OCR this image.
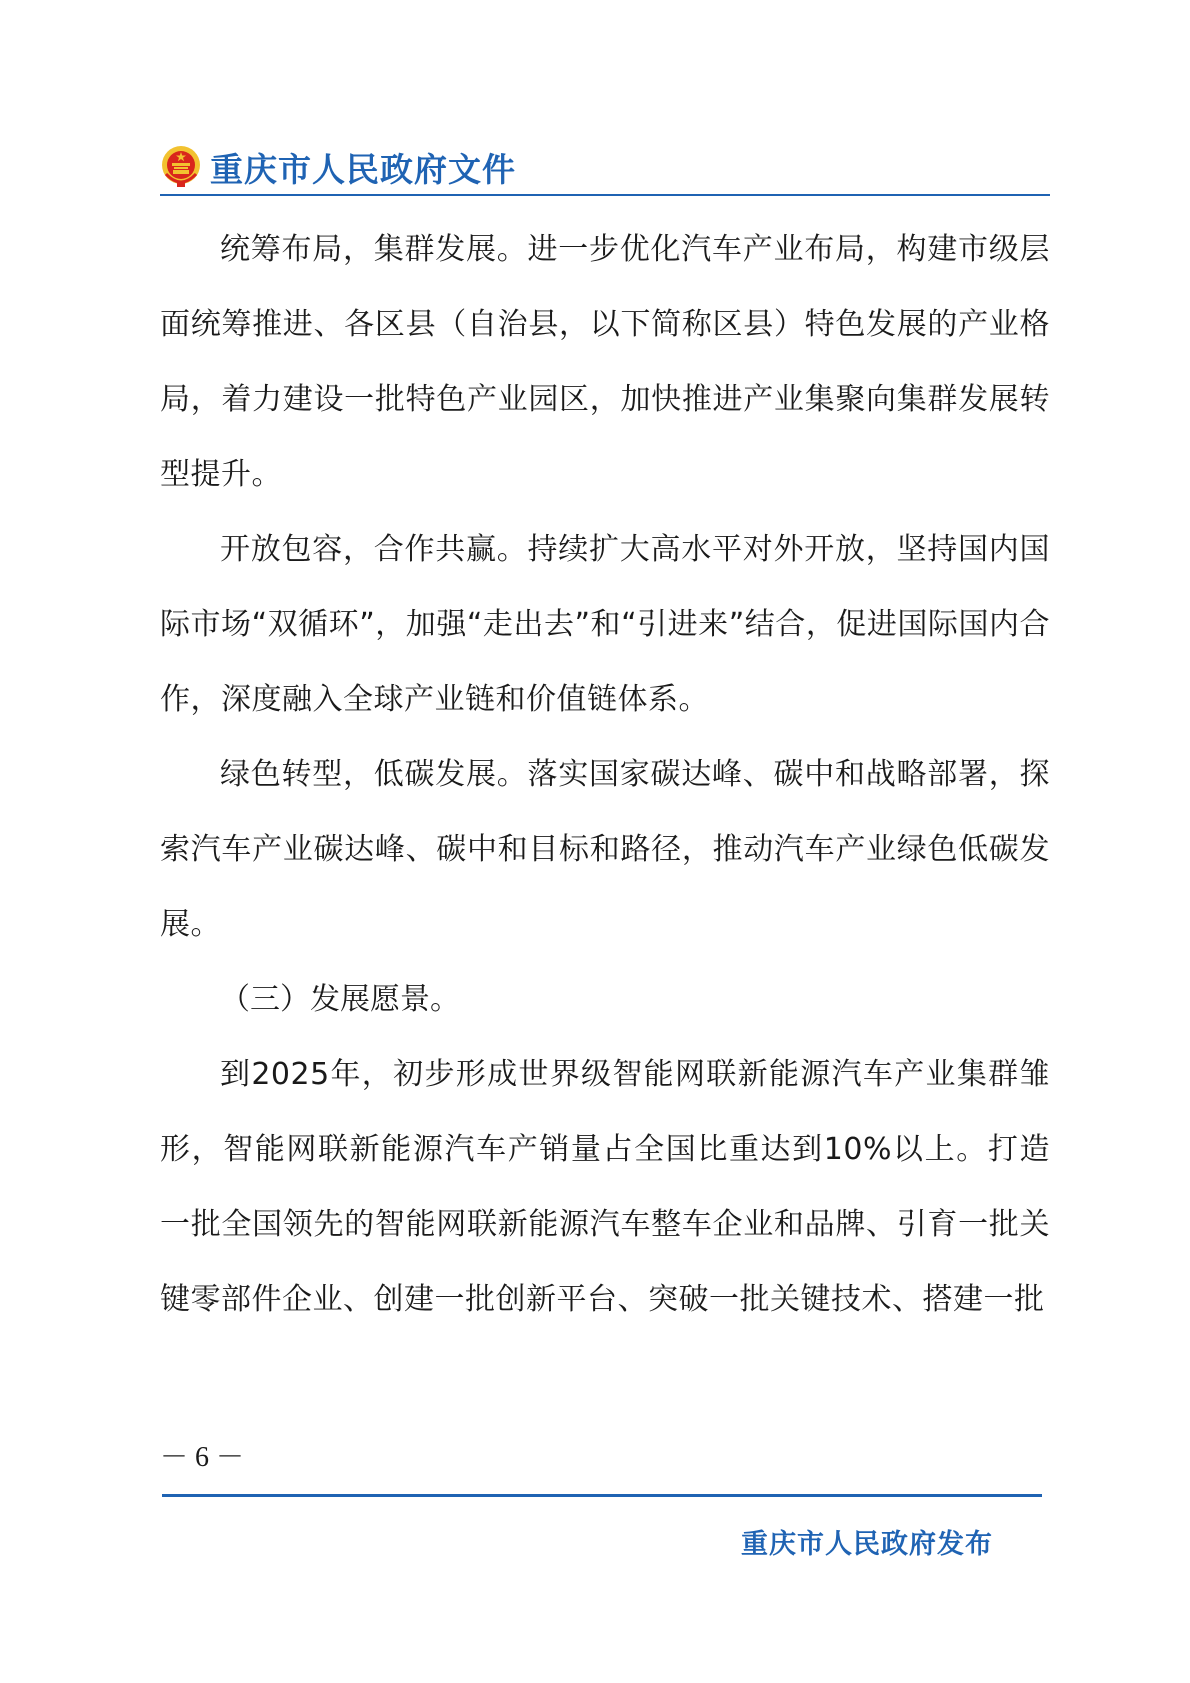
重庆市人民政府文件

统筹布局，集群发展。进一步优化汽车产业布局，构建市级层面统筹推进、各区县（自治县，以下简称区县）特色发展的产业格局，着力建设一批特色产业园区，加快推进产业集聚向集群发展转型提升。

开放包容，合作共赢。持续扩大高水平对外开放，坚持国内国际市场“双循环”，加强“走出去”和“引进来”结合，促进国际国内合作，深度融入全球产业链和价值链体系。

绿色转型，低碳发展。落实国家碳达峰、碳中和战略部署，探索汽车产业碳达峰、碳中和目标和路径，推动汽车产业绿色低碳发展。

（三）发展愿景。

到2025年，初步形成世界级智能网联新能源汽车产业集群雏形，智能网联新能源汽车产销量占全国比重达到10%以上。打造一批全国领先的智能网联新能源汽车整车企业和品牌、引育一批关键零部件企业、创建一批创新平台、突破一批关键技术、搭建一批

－ 6 －
重庆市人民政府发布
